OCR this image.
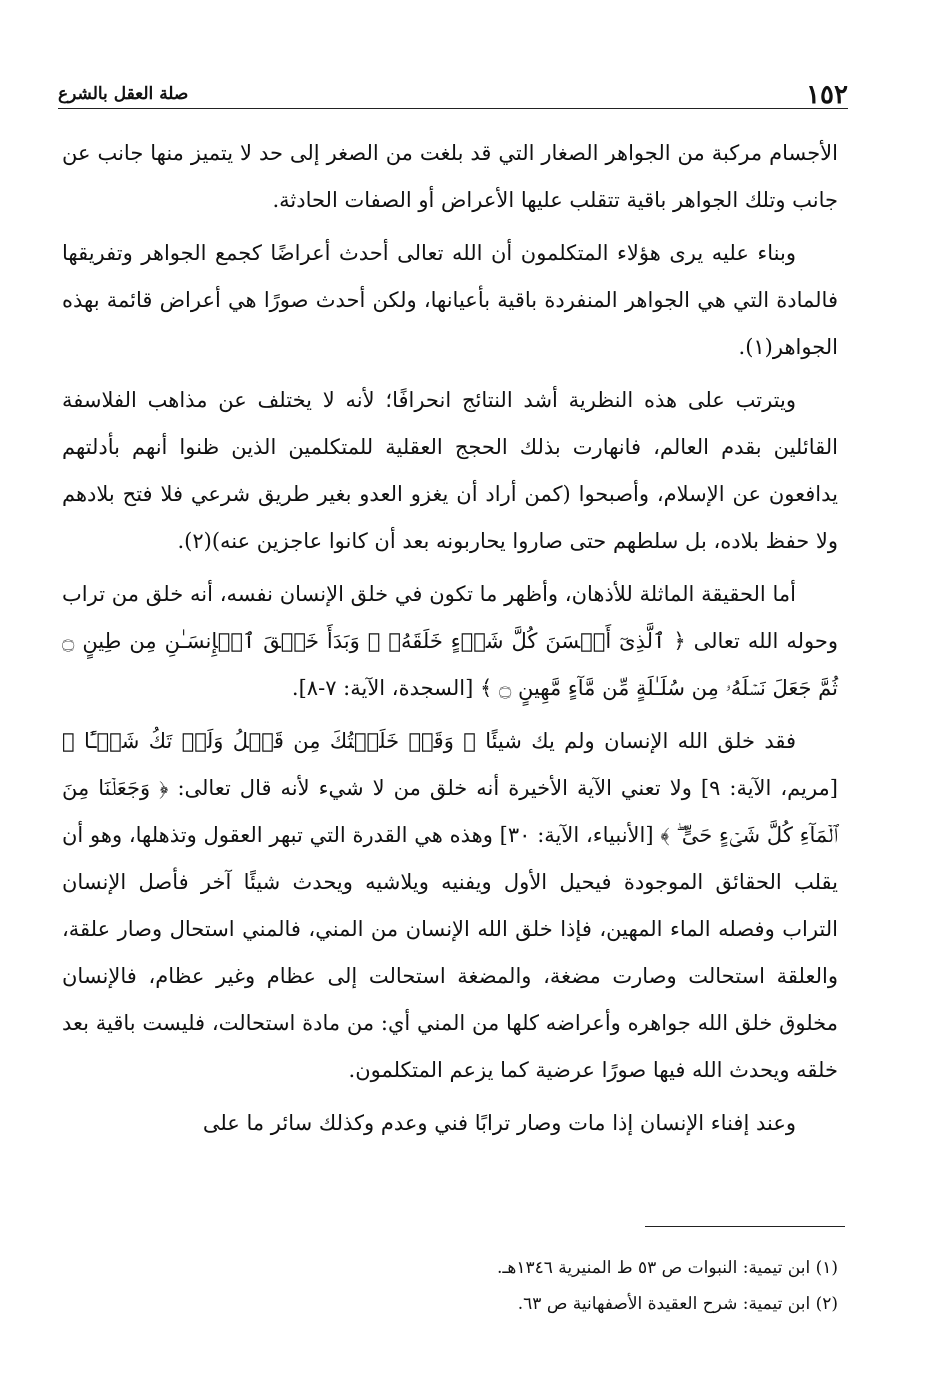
١٥٢
صلة العقل بالشرع

الأجسام مركبة من الجواهر الصغار التي قد بلغت من الصغر إلى حد لا يتميز منها جانب عن جانب وتلك الجواهر باقية تتقلب عليها الأعراض أو الصفات الحادثة.

وبناء عليه يرى هؤلاء المتكلمون أن الله تعالى أحدث أعراضًا كجمع الجواهر وتفريقها فالمادة التي هي الجواهر المنفردة باقية بأعيانها، ولكن أحدث صورًا هي أعراض قائمة بهذه الجواهر(١).

ويترتب على هذه النظرية أشد النتائج انحرافًا؛ لأنه لا يختلف عن مذاهب الفلاسفة القائلين بقدم العالم، فانهارت بذلك الحجج العقلية للمتكلمين الذين ظنوا أنهم بأدلتهم يدافعون عن الإسلام، وأصبحوا (كمن أراد أن يغزو العدو بغير طريق شرعي فلا فتح بلادهم ولا حفظ بلاده، بل سلطهم حتى صاروا يحاربونه بعد أن كانوا عاجزين عنه)(٢).

أما الحقيقة الماثلة للأذهان، وأظهر ما تكون في خلق الإنسان نفسه، أنه خلق من تراب وحوله الله تعالى ﴿ ٱلَّذِىٓ أَحۡسَنَ كُلَّ شَىۡءٍ خَلَقَهُۥ ۖ وَبَدَأَ خَلۡقَ ٱلۡإِنسَـٰنِ مِن طِينٍ ۝ ثُمَّ جَعَلَ نَسۡلَهُۥ مِن سُلَـٰلَةٍ مِّن مَّآءٍ مَّهِينٍ ۝ ﴾ [السجدة، الآية: ٧-٨].

فقد خلق الله الإنسان ولم يك شيئًا ﴿ وَقَدۡ خَلَقۡتُكَ مِن قَبۡلُ وَلَمۡ تَكُ شَيۡـًٔا ﴾ [مريم، الآية: ٩] ولا تعني الآية الأخيرة أنه خلق من لا شيء لأنه قال تعالى: ﴿ وَجَعَلۡنَا مِنَ ٱلۡمَآءِ كُلَّ شَىۡءٍ حَىٍّ ۖ ﴾ [الأنبياء، الآية: ٣٠] وهذه هي القدرة التي تبهر العقول وتذهلها، وهو أن يقلب الحقائق الموجودة فيحيل الأول ويفنيه ويلاشيه ويحدث شيئًا آخر فأصل الإنسان التراب وفصله الماء المهين، فإذا خلق الله الإنسان من المني، فالمني استحال وصار علقة، والعلقة استحالت وصارت مضغة، والمضغة استحالت إلى عظام وغير عظام، فالإنسان مخلوق خلق الله جواهره وأعراضه كلها من المني أي: من مادة استحالت، فليست باقية بعد خلقه ويحدث الله فيها صورًا عرضية كما يزعم المتكلمون.

وعند إفناء الإنسان إذا مات وصار ترابًا فني وعدم وكذلك سائر ما على

(١) ابن تيمية: النبوات ص ٥٣ ط المنيرية ١٣٤٦هـ.

(٢) ابن تيمية: شرح العقيدة الأصفهانية ص ٦٣.
